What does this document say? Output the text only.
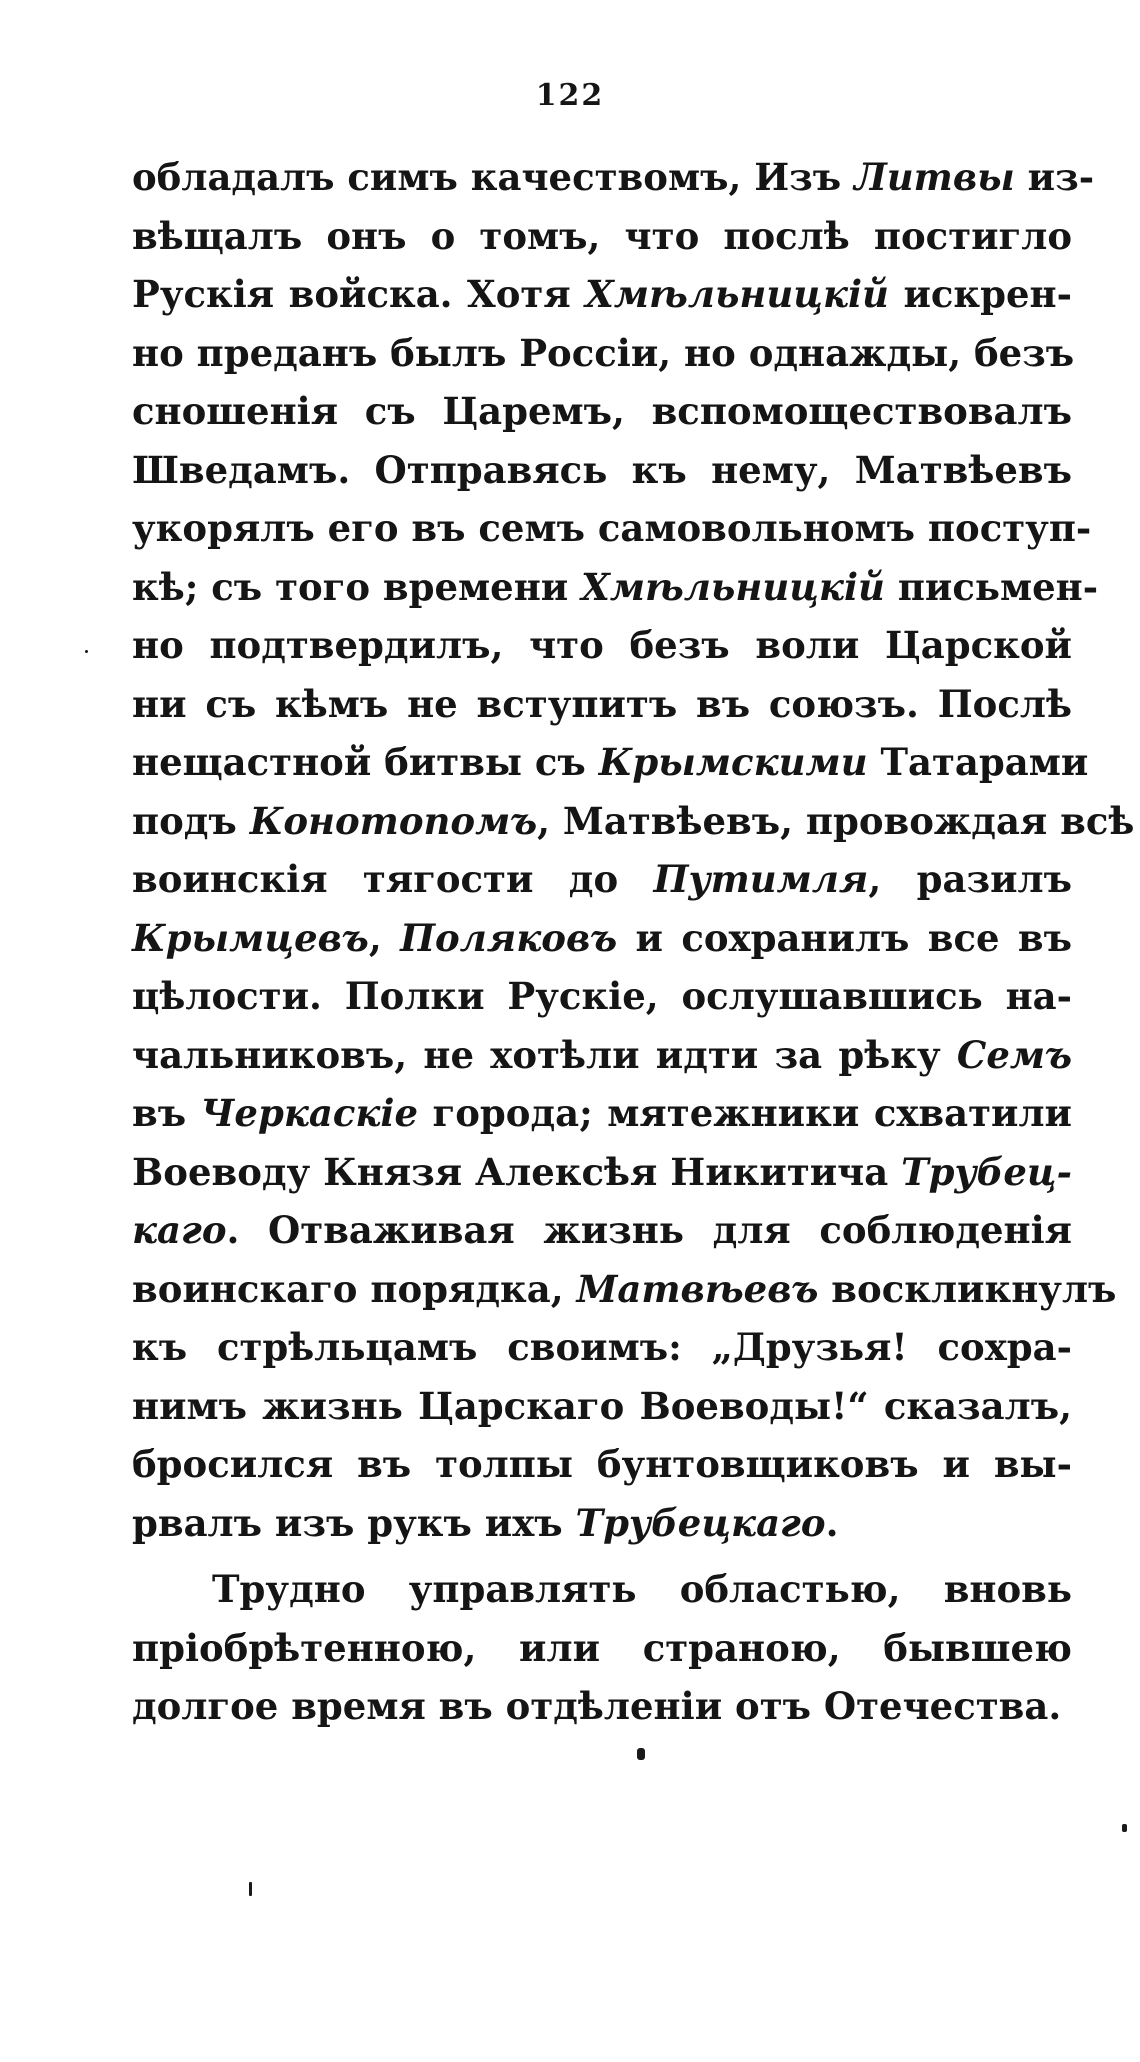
122
обладалъ симъ качествомъ, Изъ Литвы из-
вѣщалъ онъ о томъ, что послѣ постигло
Рускія войска. Хотя Хмѣльницкій искрен-
но преданъ былъ Россіи, но однажды, безъ
сношенія съ Царемъ, вспомоществовалъ
Шведамъ. Отправясь къ нему, Матвѣевъ
укорялъ его въ семъ самовольномъ поступ-
кѣ; съ того времени Хмѣльницкій письмен-
но подтвердилъ, что безъ воли Царской
ни съ кѣмъ не вступитъ въ союзъ. Послѣ
нещастной битвы съ Крымскими Татарами
подъ Конотопомъ, Матвѣевъ, провождая всѣ
воинскія тягости до Путимля, разилъ
Крымцевъ, Поляковъ и сохранилъ все въ
цѣлости. Полки Рускіе, ослушавшись на-
чальниковъ, не хотѣли идти за рѣку Семъ
въ Черкаскіе города; мятежники схватили
Воеводу Князя Алексѣя Никитича Трубец-
каго. Отваживая жизнь для соблюденія
воинскаго порядка, Матвѣевъ воскликнулъ
къ стрѣльцамъ своимъ: „Друзья! сохра-
нимъ жизнь Царскаго Воеводы!“ сказалъ,
бросился въ толпы бунтовщиковъ и вы-
рвалъ изъ рукъ ихъ Трубецкаго.
Трудно управлять областью, вновь
пріобрѣтенною, или страною, бывшею
долгое время въ отдѣленіи отъ Отечества.
